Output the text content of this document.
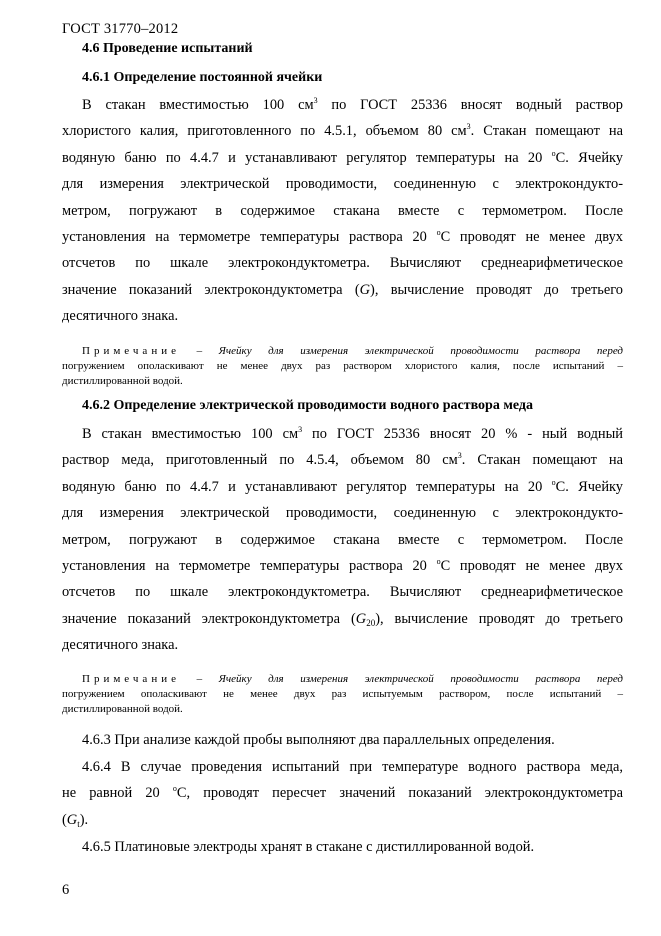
ГОСТ 31770–2012
4.6 Проведение испытаний
4.6.1 Определение постоянной ячейки
В стакан вместимостью 100 $см^3$ по ГОСТ 25336 вносят водный раствор
хлористого калия, приготовленного по 4.5.1, объемом 80 $см^3$. Стакан помещают на
водяную баню по 4.4.7 и устанавливают регулятор температуры на 20 $^о$С. Ячейку
для измерения электрической проводимости, соединенную с электрокондукто-
метром, погружают в содержимое стакана вместе с термометром. После
установления на термометре температуры раствора 20 $^о$С проводят не менее двух
отсчетов по шкале электрокондуктометра. Вычисляют среднеарифметическое
значение показаний электрокондуктометра (G), вычисление проводят до третьего
десятичного знака.
Примечание – Ячейку для измерения электрической проводимости раствора перед
погружением ополаскивают не менее двух раз раствором хлористого калия, после испытаний –
дистиллированной водой.
4.6.2 Определение электрической проводимости водного раствора меда
В стакан вместимостью 100 $см^3$ по ГОСТ 25336 вносят 20 % - ный водный
раствор меда, приготовленный по 4.5.4, объемом 80 $см^3$. Стакан помещают на
водяную баню по 4.4.7 и устанавливают регулятор температуры на 20 $^о$С. Ячейку
для измерения электрической проводимости, соединенную с электрокондукто-
метром, погружают в содержимое стакана вместе с термометром. После
установления на термометре температуры раствора 20 $^о$С проводят не менее двух
отсчетов по шкале электрокондуктометра. Вычисляют среднеарифметическое
значение показаний электрокондуктометра $(G_{20})$, вычисление проводят до третьего
десятичного знака.
Примечание – Ячейку для измерения электрической проводимости раствора перед
погружением ополаскивают не менее двух раз испытуемым раствором, после испытаний –
дистиллированной водой.
4.6.3 При анализе каждой пробы выполняют два параллельных определения.
4.6.4 В случае проведения испытаний при температуре водного раствора меда,
не равной 20 $^о$С, проводят пересчет значений показаний электрокондуктометра
$(G_t)$.
4.6.5 Платиновые электроды хранят в стакане с дистиллированной водой.
6
